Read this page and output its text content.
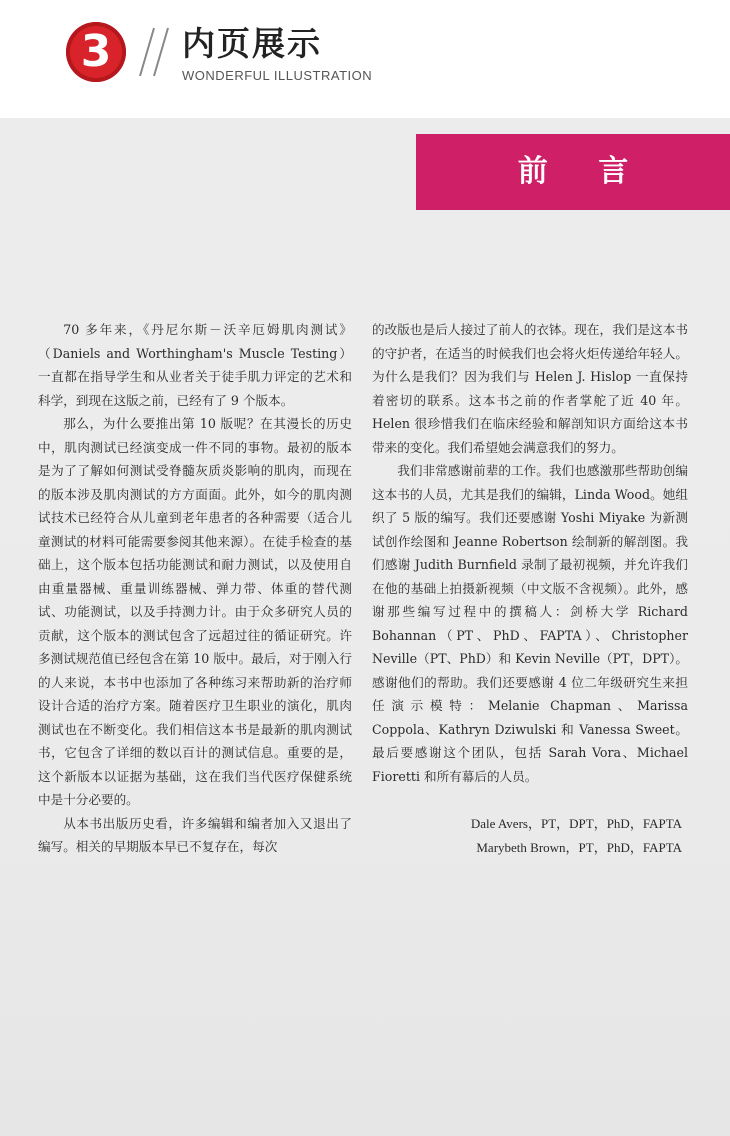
3	内页展示
WONDERFUL ILLUSTRATION
前 言

70 多年来，《丹尼尔斯－沃辛厄姆肌肉测试》（Daniels and Worthingham's Muscle Testing）一直都在指导学生和从业者关于徒手肌力评定的艺术和科学，到现在这版之前，已经有了 9 个版本。

那么，为什么要推出第 10 版呢？在其漫长的历史中，肌肉测试已经演变成一件不同的事物。最初的版本是为了了解如何测试受脊髓灰质炎影响的肌肉，而现在的版本涉及肌肉测试的方方面面。此外，如今的肌肉测试技术已经符合从儿童到老年患者的各种需要（适合儿童测试的材料可能需要参阅其他来源）。在徒手检查的基础上，这个版本包括功能测试和耐力测试，以及使用自由重量器械、重量训练器械、弹力带、体重的替代测试、功能测试，以及手持测力计。由于众多研究人员的贡献，这个版本的测试包含了远超过往的循证研究。许多测试规范值已经包含在第 10 版中。最后，对于刚入行的人来说，本书中也添加了各种练习来帮助新的治疗师设计合适的治疗方案。随着医疗卫生职业的演化，肌肉测试也在不断变化。我们相信这本书是最新的肌肉测试书，它包含了详细的数以百计的测试信息。重要的是，这个新版本以证据为基础，这在我们当代医疗保健系统中是十分必要的。

从本书出版历史看，许多编辑和编者加入又退出了编写。相关的早期版本早已不复存在，每次

的改版也是后人接过了前人的衣钵。现在，我们是这本书的守护者，在适当的时候我们也会将火炬传递给年轻人。为什么是我们？因为我们与 Helen J. Hislop 一直保持着密切的联系。这本书之前的作者掌舵了近 40 年。Helen 很珍惜我们在临床经验和解剖知识方面给这本书带来的变化。我们希望她会满意我们的努力。

我们非常感谢前辈的工作。我们也感激那些帮助创编这本书的人员，尤其是我们的编辑，Linda Wood。她组织了 5 版的编写。我们还要感谢 Yoshi Miyake 为新测试创作绘图和 Jeanne Robertson 绘制新的解剖图。我们感谢 Judith Burnfield 录制了最初视频，并允许我们在他的基础上拍摄新视频（中文版不含视频）。此外，感谢那些编写过程中的撰稿人：剑桥大学 Richard Bohannan（PT、PhD、FAPTA）、Christopher Neville（PT、PhD）和 Kevin Neville（PT，DPT）。感谢他们的帮助。我们还要感谢 4 位二年级研究生来担任演示模特：Melanie Chapman、Marissa Coppola、Kathryn Dziwulski 和 Vanessa Sweet。最后要感谢这个团队，包括 Sarah Vora、Michael Fioretti 和所有幕后的人员。

Dale Avers，PT，DPT，PhD，FAPTA
Marybeth Brown，PT，PhD，FAPTA
